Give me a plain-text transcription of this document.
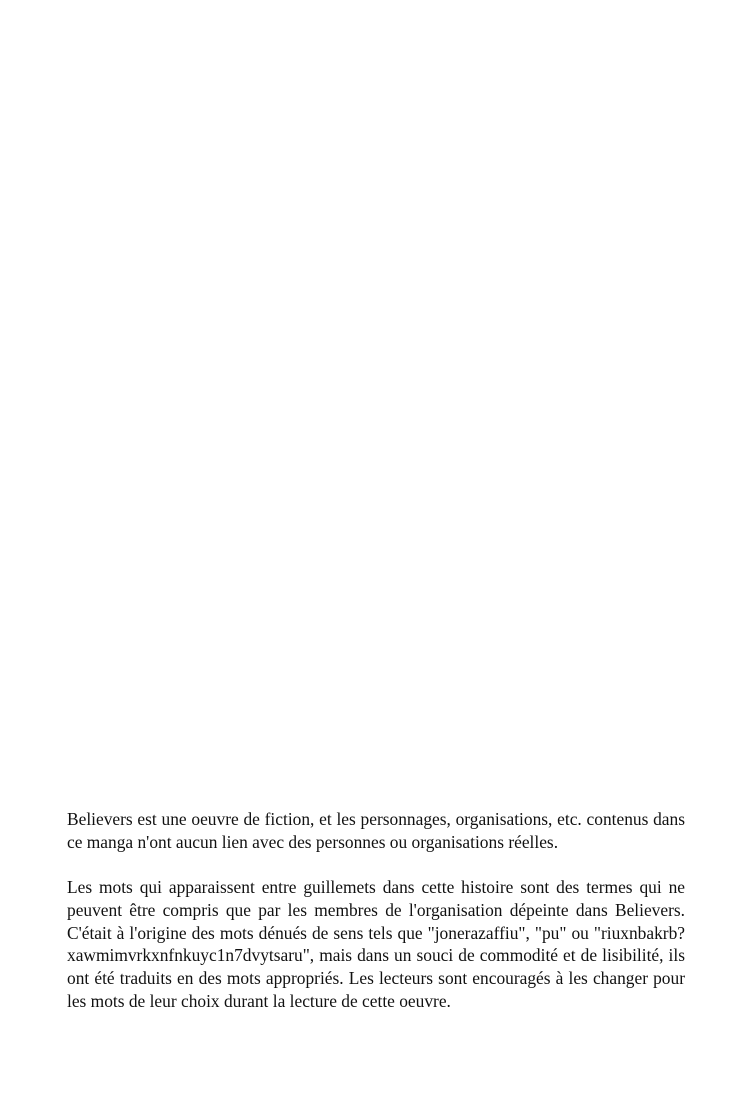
Believers est une oeuvre de fiction, et les personnages, organisations, etc. contenus dans ce manga n'ont aucun lien avec des personnes ou organisations réelles.

Les mots qui apparaissent entre guillemets dans cette histoire sont des termes qui ne peuvent être compris que par les membres de l'organisation dépeinte dans Believers. C'était à l'origine des mots dénués de sens tels que "jonerazaffiu", "pu" ou "riuxnbakrb?xawmimvrkxnfnkuyc1n7dvytsaru", mais dans un souci de commodité et de lisibilité, ils ont été traduits en des mots appropriés. Les lecteurs sont encouragés à les changer pour les mots de leur choix durant la lecture de cette oeuvre.
